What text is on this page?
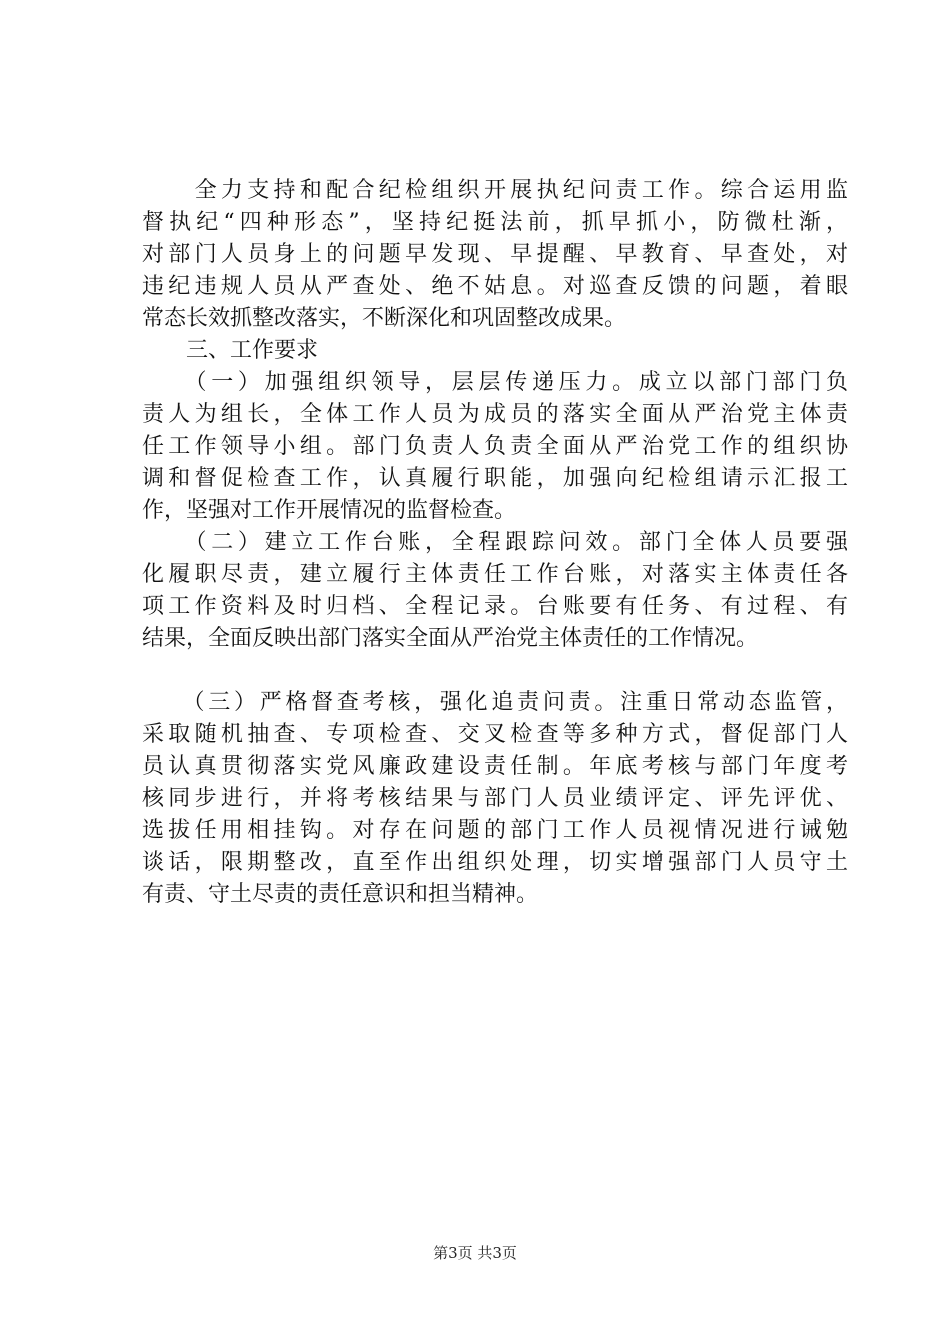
　　全力支持和配合纪检组织开展执纪问责工作。综合运用监
督执纪“四种形态”，坚持纪挺法前，抓早抓小，防微杜渐，
对部门人员身上的问题早发现、早提醒、早教育、早查处，对
违纪违规人员从严查处、绝不姑息。对巡查反馈的问题，着眼
常态长效抓整改落实，不断深化和巩固整改成果。
　　三、工作要求
　　（一）加强组织领导，层层传递压力。成立以部门部门负
责人为组长，全体工作人员为成员的落实全面从严治党主体责
任工作领导小组。部门负责人负责全面从严治党工作的组织协
调和督促检查工作，认真履行职能，加强向纪检组请示汇报工
作，坚强对工作开展情况的监督检查。
　　（二）建立工作台账，全程跟踪问效。部门全体人员要强
化履职尽责，建立履行主体责任工作台账，对落实主体责任各
项工作资料及时归档、全程记录。台账要有任务、有过程、有
结果，全面反映出部门落实全面从严治党主体责任的工作情况。
　　（三）严格督查考核，强化追责问责。注重日常动态监管，
采取随机抽查、专项检查、交叉检查等多种方式，督促部门人
员认真贯彻落实党风廉政建设责任制。年底考核与部门年度考
核同步进行，并将考核结果与部门人员业绩评定、评先评优、
选拔任用相挂钩。对存在问题的部门工作人员视情况进行诫勉
谈话，限期整改，直至作出组织处理，切实增强部门人员守土
有责、守土尽责的责任意识和担当精神。
第3页 共3页
